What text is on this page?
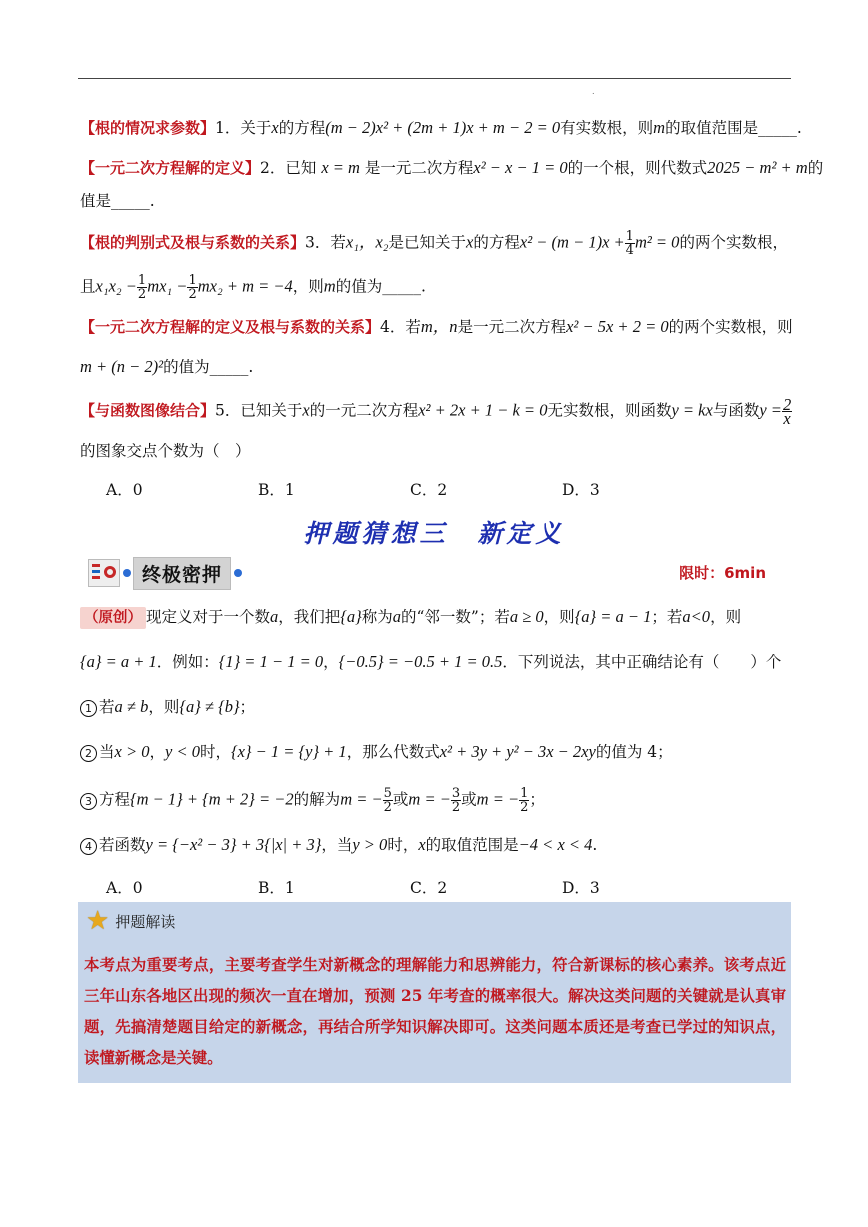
.
【根的情况求参数】1．关于x的方程(m − 2)x² + (2m + 1)x + m − 2 = 0有实数根，则m的取值范围是_____.
【一元二次方程解的定义】2．已知 x = m 是一元二次方程x² − x − 1 = 0的一个根，则代数式2025 − m² + m的
值是_____.
【根的判别式及根与系数的关系】3．若x₁，x₂是已知关于x的方程$x^2 - (m - 1)x + \frac{1}{4} m^2 = 0$的两个实数根，
且$x_1x_2 - \frac{1}{2} mx_1 - \frac{1}{2} mx_2 + m = -4$，则m的值为_____.
【一元二次方程解的定义及根与系数的关系】4．若m，n是一元二次方程x² − 5x + 2 = 0的两个实数根，则
m + (n − 2)²的值为_____.
【与函数图像结合】5．已知关于x的一元二次方程x² + 2x + 1 − k = 0无实数根，则函数y = kx与函数$y = \frac{2}{x}$
的图象交点个数为（　）
A．0	B．1	C．2	D．3
押题猜想三　新定义
终极密押	限时：6min
（原创） 现定义对于一个数a，我们把{a}称为a的“邻一数”；若a ≥ 0，则{a} = a − 1；若a<0，则
{a} = a + 1．例如：{1} = 1 − 1 = 0，{−0.5} = −0.5 + 1 = 0.5．下列说法，其中正确结论有（　　）个
1 若a ≠ b，则{a} ≠ {b}；
2 当x > 0，y < 0时，{x} − 1 = {y} + 1，那么代数式x² + 3y + y² − 3x − 2xy的值为 4；
3 方程{m − 1} + {m + 2} = −2的解为m = − $\frac{5}{2}$ 或m = − $\frac{3}{2}$ 或m = − $\frac{1}{2}$ ；
4 若函数y = {−x² − 3} + 3{|x| + 3}，当y > 0时，x的取值范围是−4 < x < 4.
A．0	B．1	C．2	D．3
★ 押题解读
本考点为重要考点，主要考查学生对新概念的理解能力和思辨能力，符合新课标的核心素养。该考点近三年山东各地区出现的频次一直在增加，预测 25 年考查的概率很大。解决这类问题的关键就是认真审题，先搞清楚题目给定的新概念，再结合所学知识解决即可。这类问题本质还是考查已学过的知识点，读懂新概念是关键。
